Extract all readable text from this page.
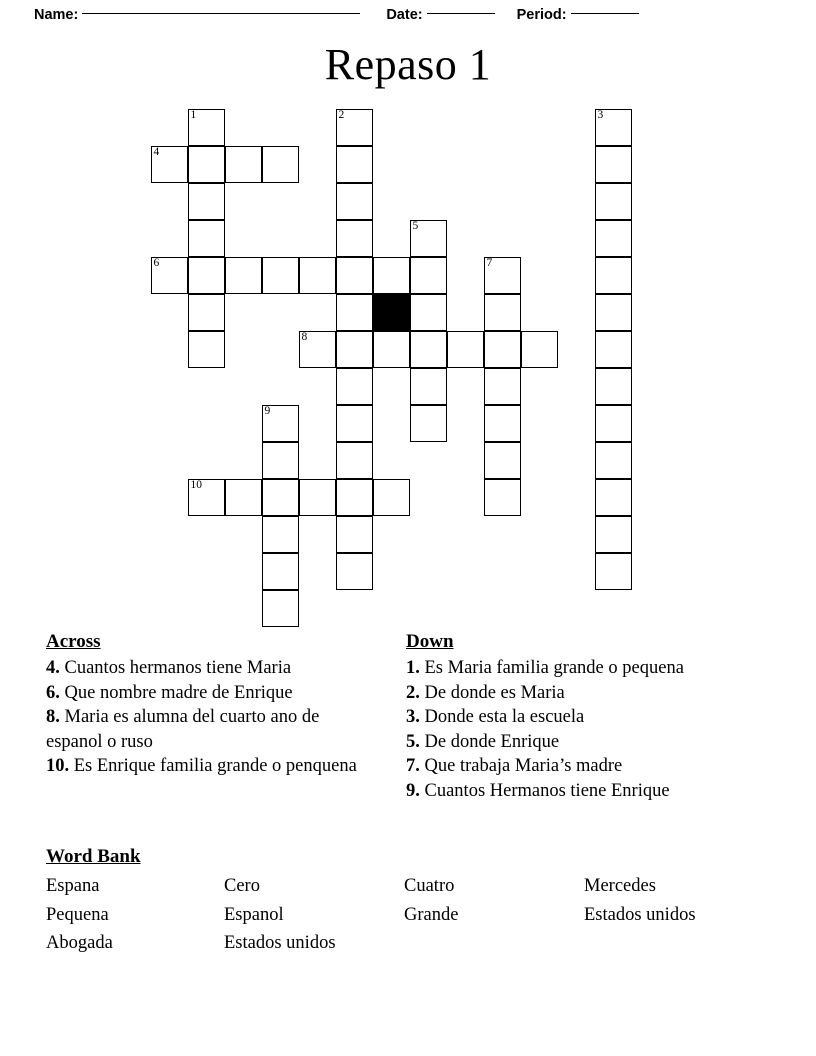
Name:	Date:	Period:
Repaso 1
1	2	3
4
5
6	7
8
9
10
Across

4. Cuantos hermanos tiene Maria

6. Que nombre madre de Enrique

8. Maria es alumna del cuarto ano de espanol o ruso

10. Es Enrique familia grande o penquena

Down

1. Es Maria familia grande o pequena

2. De donde es Maria

3. Donde esta la escuela

5. De donde Enrique

7. Que trabaja Maria’s madre

9. Cuantos Hermanos tiene Enrique

Word Bank
Espana	Cero	Cuatro	Mercedes
Pequena	Espanol	Grande	Estados unidos
Abogada	Estados unidos
